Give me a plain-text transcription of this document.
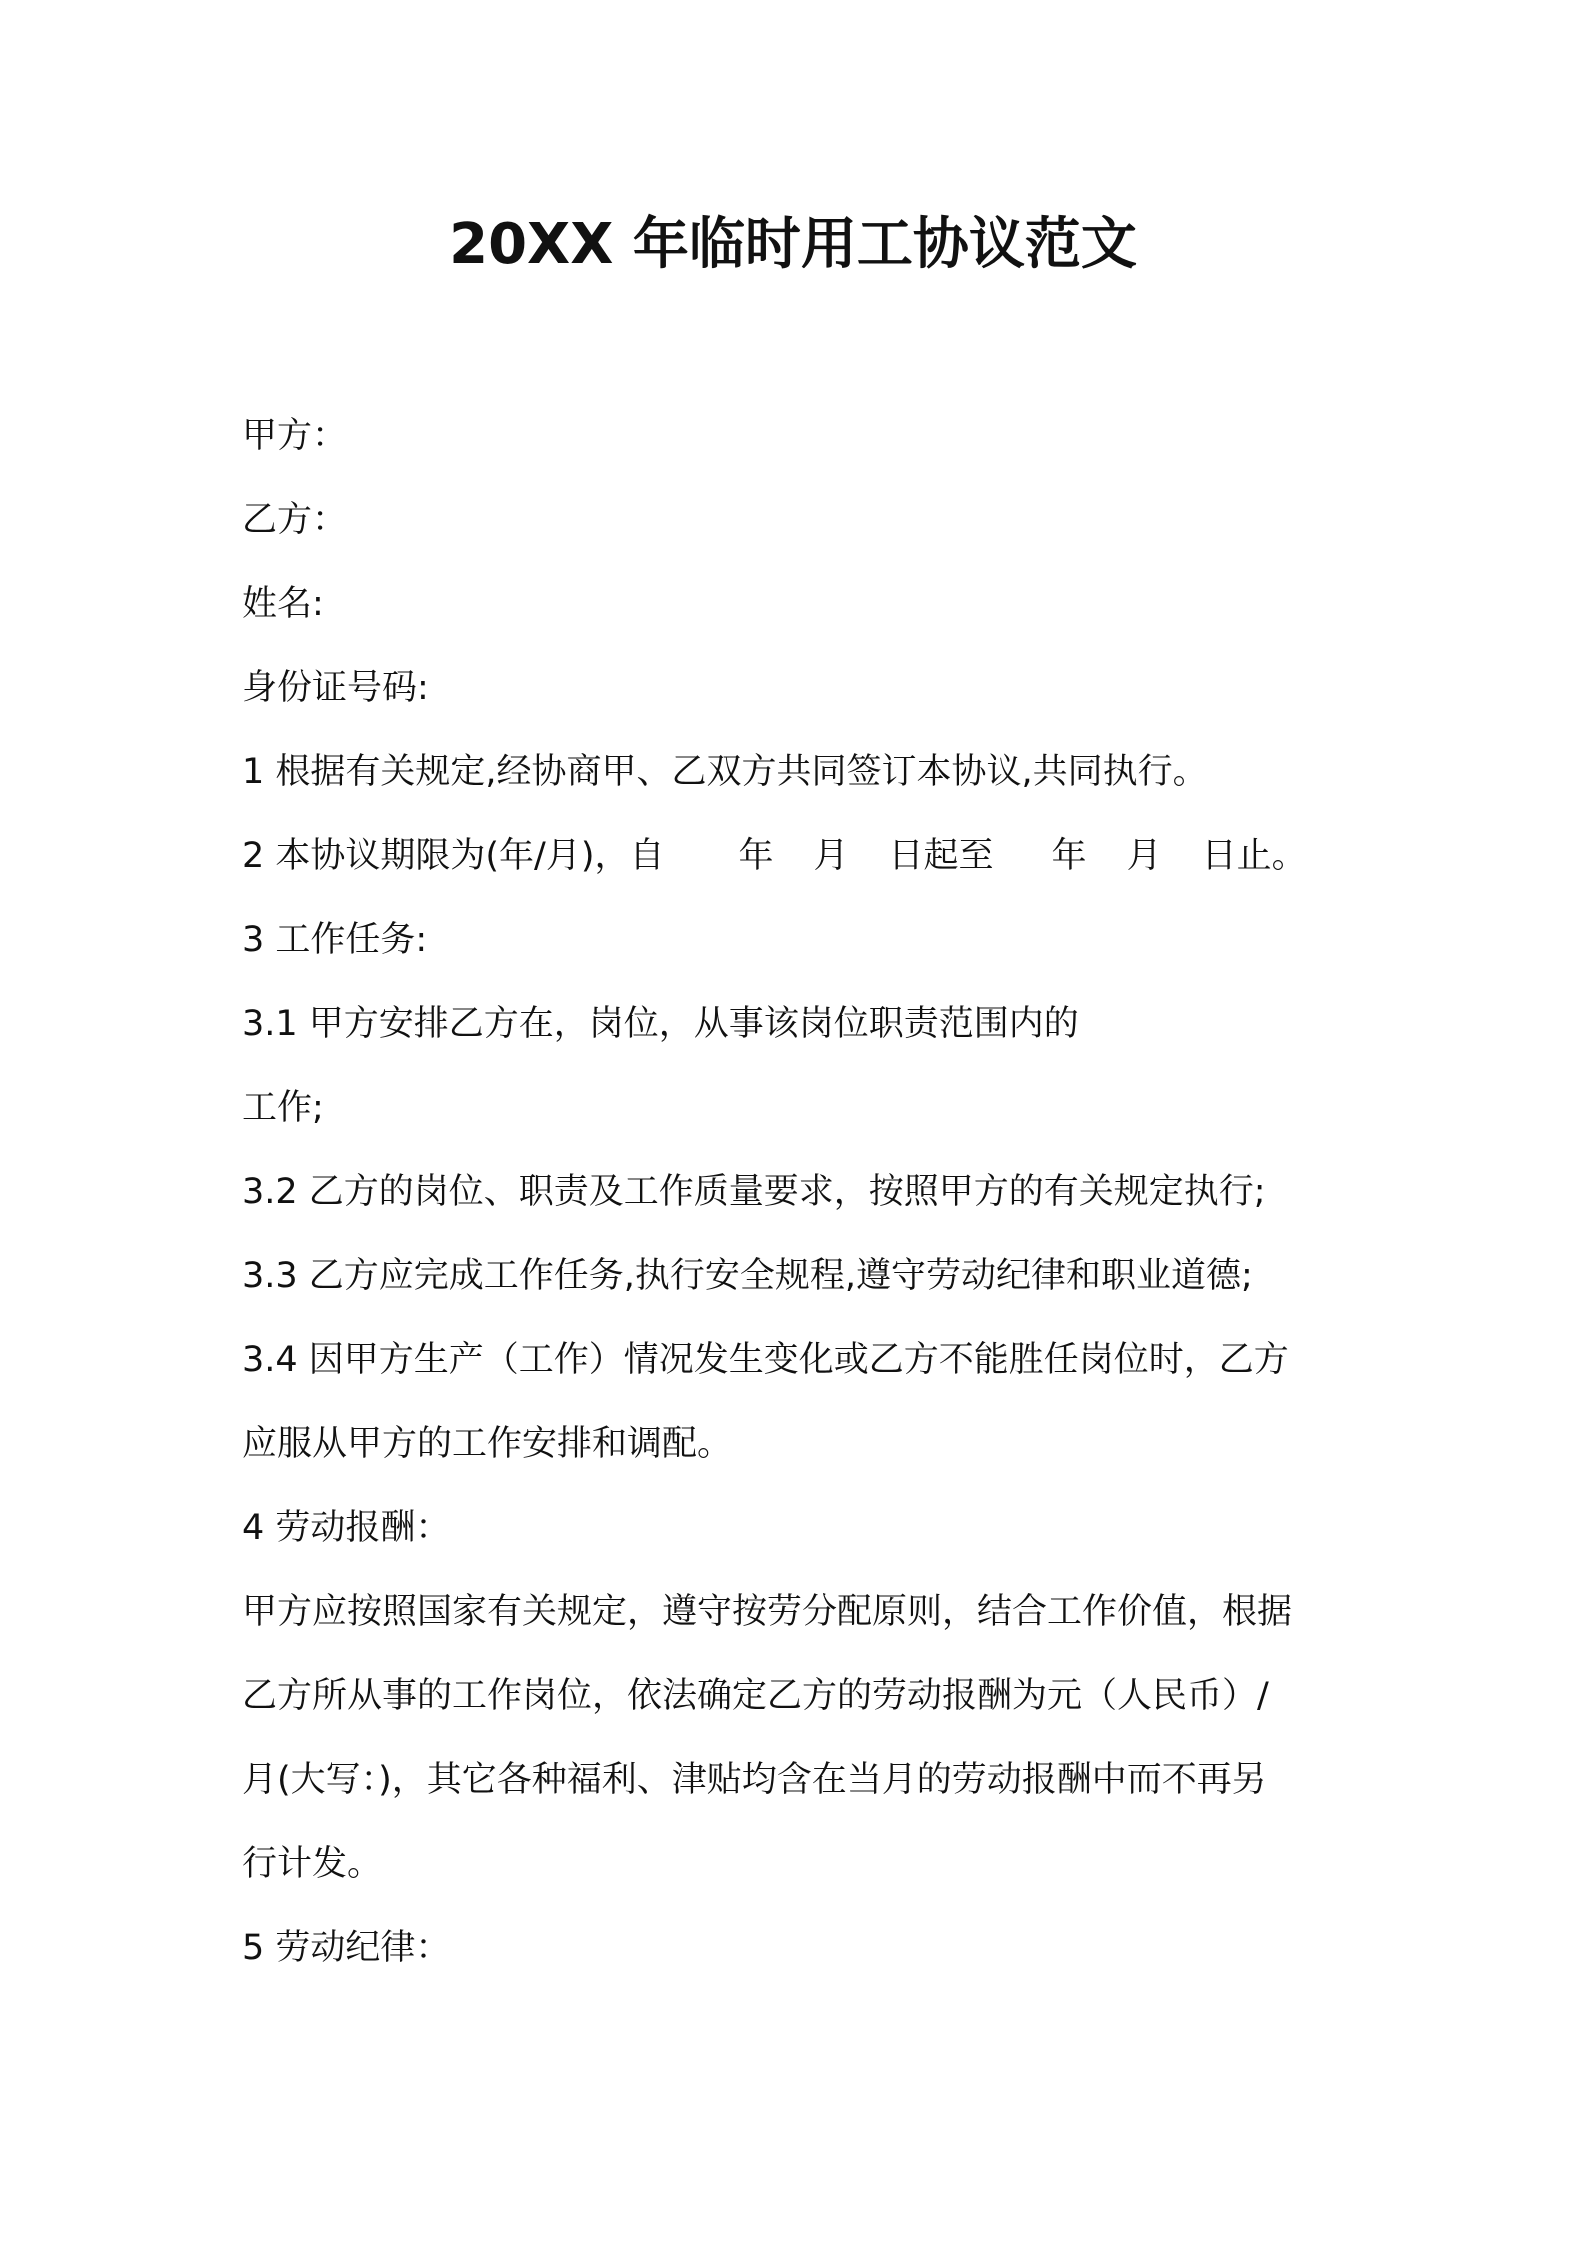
20XX 年临时用工协议范文

甲方：

乙方：

姓名:

身份证号码:

1 根据有关规定,经协商甲、乙双方共同签订本协议,共同执行。

2 本协议期限为(年/月)，自 年 月 日起至 年 月 日止。

3 工作任务:

3.1 甲方安排乙方在，岗位，从事该岗位职责范围内的

工作;

3.2 乙方的岗位、职责及工作质量要求，按照甲方的有关规定执行;

3.3 乙方应完成工作任务,执行安全规程,遵守劳动纪律和职业道德;

3.4 因甲方生产（工作）情况发生变化或乙方不能胜任岗位时，乙方

应服从甲方的工作安排和调配。

4 劳动报酬：

甲方应按照国家有关规定，遵守按劳分配原则，结合工作价值，根据

乙方所从事的工作岗位，依法确定乙方的劳动报酬为元（人民币）/

月(大写：)，其它各种福利、津贴均含在当月的劳动报酬中而不再另

行计发。

5 劳动纪律：
